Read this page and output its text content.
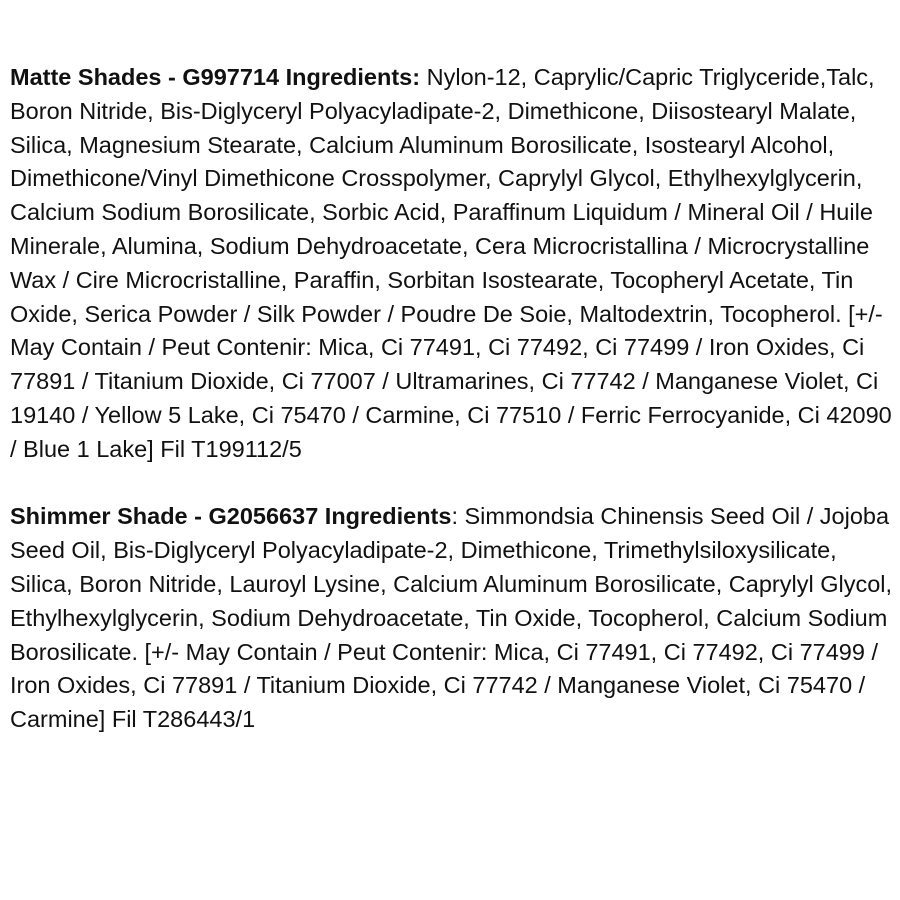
Matte Shades - G997714 Ingredients: Nylon-12, Caprylic/Capric Triglyceride,Talc, Boron Nitride, Bis-Diglyceryl Polyacyladipate-2, Dimethicone, Diisostearyl Malate, Silica, Magnesium Stearate, Calcium Aluminum Borosilicate, Isostearyl Alcohol, Dimethicone/Vinyl Dimethicone Crosspolymer, Caprylyl Glycol, Ethylhexylglycerin, Calcium Sodium Borosilicate, Sorbic Acid, Paraffinum Liquidum / Mineral Oil / Huile Minerale, Alumina, Sodium Dehydroacetate, Cera Microcristallina / Microcrystalline Wax / Cire Microcristalline, Paraffin, Sorbitan Isostearate, Tocopheryl Acetate, Tin Oxide, Serica Powder / Silk Powder / Poudre De Soie, Maltodextrin, Tocopherol. [+/- May Contain / Peut Contenir: Mica, Ci 77491, Ci 77492, Ci 77499 / Iron Oxides, Ci 77891 / Titanium Dioxide, Ci 77007 / Ultramarines, Ci 77742 / Manganese Violet, Ci 19140 / Yellow 5 Lake, Ci 75470 / Carmine, Ci 77510 / Ferric Ferrocyanide, Ci 42090 / Blue 1 Lake] Fil T199112/5

Shimmer Shade - G2056637 Ingredients: Simmondsia Chinensis Seed Oil / Jojoba Seed Oil, Bis-Diglyceryl Polyacyladipate-2, Dimethicone, Trimethylsiloxysilicate, Silica, Boron Nitride, Lauroyl Lysine, Calcium Aluminum Borosilicate, Caprylyl Glycol, Ethylhexylglycerin, Sodium Dehydroacetate, Tin Oxide, Tocopherol, Calcium Sodium Borosilicate. [+/- May Contain / Peut Contenir: Mica, Ci 77491, Ci 77492, Ci 77499 / Iron Oxides, Ci 77891 / Titanium Dioxide, Ci 77742 / Manganese Violet, Ci 75470 / Carmine] Fil T286443/1
